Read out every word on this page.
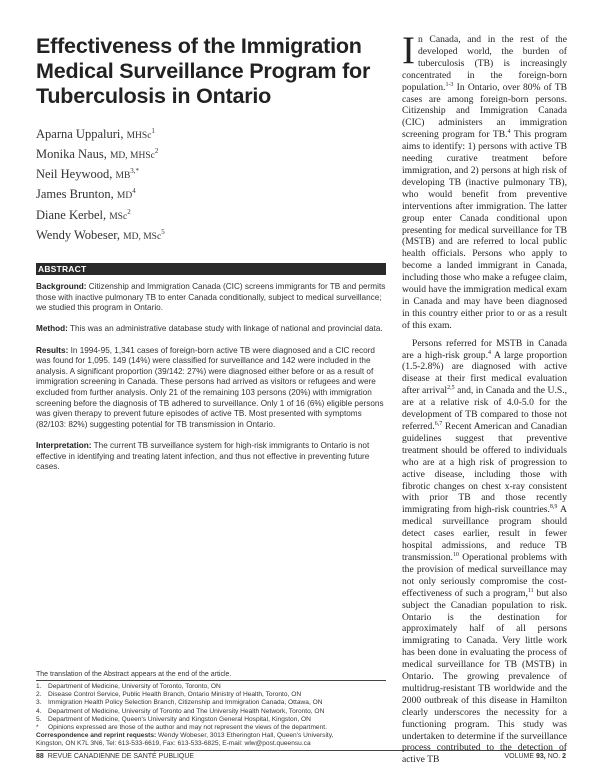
Effectiveness of the Immigration Medical Surveillance Program for Tuberculosis in Ontario
Aparna Uppaluri, MHSc$^1$
Monika Naus, MD, MHSc$^2$
Neil Heywood, $MB^{3,*}$
James Brunton, $MD^4$
Diane Kerbel, MSc$^2$
Wendy Wobeser, MD, MSc$^5$
ABSTRACT

Background: Citizenship and Immigration Canada (CIC) screens immigrants for TB and permits those with inactive pulmonary TB to enter Canada conditionally, subject to medical surveillance; we studied this program in Ontario.

Method: This was an administrative database study with linkage of national and provincial data.

Results: In 1994-95, 1,341 cases of foreign-born active TB were diagnosed and a CIC record was found for 1,095. 149 (14%) were classified for surveillance and 142 were included in the analysis. A significant proportion (39/142: 27%) were diagnosed either before or as a result of immigration screening in Canada. These persons had arrived as visitors or refugees and were excluded from further analysis. Only 21 of the remaining 103 persons (20%) with immigration screening before the diagnosis of TB adhered to surveillance. Only 1 of 16 (6%) eligible persons was given therapy to prevent future episodes of active TB. Most presented with symptoms (82/103: 82%) suggesting potential for TB transmission in Ontario.

Interpretation: The current TB surveillance system for high-risk immigrants to Ontario is not effective in identifying and treating latent infection, and thus not effective in preventing future cases.

The translation of the Abstract appears at the end of the article.
1. Department of Medicine, University of Toronto, Toronto, ON
2. Disease Control Service, Public Health Branch, Ontario Ministry of Health, Toronto, ON
3. Immigration Health Policy Selection Branch, Citizenship and Immigration Canada, Ottawa, ON
4. Department of Medicine, University of Toronto and The University Health Network, Toronto, ON
5. Department of Medicine, Queen's University and Kingston General Hospital, Kingston, ON
* Opinions expressed are those of the author and may not represent the views of the department.
Correspondence and reprint requests: Wendy Wobeser, 3013 Etherington Hall, Queen's University,
Kingston, ON K7L 3N6, Tel: 613-533-6619, Fax: 613-533-6825, E-mail: wlw@post.queensu.ca
88 REVUE CANADIENNE DE SANTÉ PUBLIQUE	VOLUME 93, NO. 2

In Canada, and in the rest of the developed world, the burden of tuberculosis (TB) is increasingly concentrated in the foreign-born population.$^{1-3}$ In Ontario, over 80% of TB cases are among foreign-born persons. Citizenship and Immigration Canada (CIC) administers an immigration screening program for TB.$^4$ This program aims to identify: 1) persons with active TB needing curative treatment before immigration, and 2) persons at high risk of developing TB (inactive pulmonary TB), who would benefit from preventive interventions after immigration. The latter group enter Canada conditional upon presenting for medical surveillance for TB (MSTB) and are referred to local public health officials. Persons who apply to become a landed immigrant in Canada, including those who make a refugee claim, would have the immigration medical exam in Canada and may have been diagnosed in this country either prior to or as a result of this exam.

Persons referred for MSTB in Canada are a high-risk group.$^4$ A large proportion (1.5-2.8%) are diagnosed with active disease at their first medical evaluation after arrival$^{2,5}$ and, in Canada and the U.S., are at a relative risk of 4.0-5.0 for the development of TB compared to those not referred.$^{6,7}$ Recent American and Canadian guidelines suggest that preventive treatment should be offered to individuals who are at a high risk of progression to active disease, including those with fibrotic changes on chest x-ray consistent with prior TB and those recently immigrating from high-risk countries.$^{8,9}$ A medical surveillance program should detect cases earlier, result in fewer hospital admissions, and reduce TB transmission.$^{10}$ Operational problems with the provision of medical surveillance may not only seriously compromise the cost-effectiveness of such a program,$^{11}$ but also subject the Canadian population to risk. Ontario is the destination for approximately half of all persons immigrating to Canada. Very little work has been done in evaluating the process of medical surveillance for TB (MSTB) in Ontario. The growing prevalence of multidrug-resistant TB worldwide and the 2000 outbreak of this disease in Hamilton clearly underscores the necessity for a functioning program. This study was undertaken to determine if the surveillance process contributed to the detection of active TB
